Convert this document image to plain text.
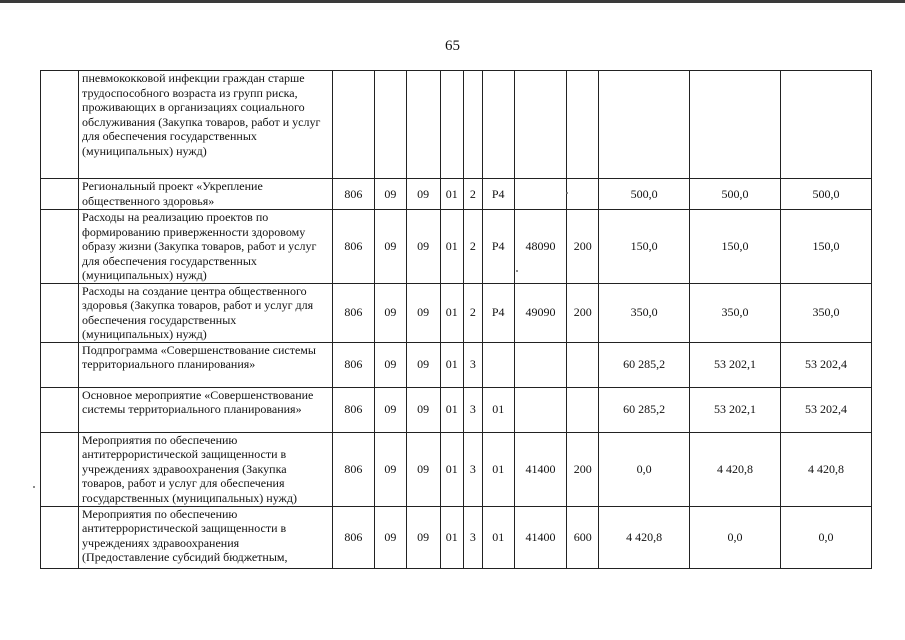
65
	пневмококковой инфекции граждан старше трудоспособного возраста из групп риска, проживающих в организациях социального обслуживания (Закупка товаров, работ и услуг для обеспечения государственных (муниципальных) нужд)											
	Региональный проект «Укрепление общественного здоровья»	806	09	09	01	2	P4			500,0	500,0	500,0
	Расходы на реализацию проектов по формированию приверженности здоровому образу жизни (Закупка товаров, работ и услуг для обеспечения государственных (муниципальных) нужд)	806	09	09	01	2	P4	48090	200	150,0	150,0	150,0
	Расходы на создание центра общественного здоровья (Закупка товаров, работ и услуг для обеспечения государственных (муниципальных) нужд)	806	09	09	01	2	P4	49090	200	350,0	350,0	350,0
	Подпрограмма «Совершенствование системы территориального планирования»	806	09	09	01	3				60 285,2	53 202,1	53 202,4
	Основное мероприятие «Совершенствование системы территориального планирования»	806	09	09	01	3	01			60 285,2	53 202,1	53 202,4
	Мероприятия по обеспечению антитеррористической защищенности в учреждениях здравоохранения (Закупка товаров, работ и услуг для обеспечения государственных (муниципальных) нужд)	806	09	09	01	3	01	41400	200	0,0	4 420,8	4 420,8
	Мероприятия по обеспечению антитеррористической защищенности в учреждениях здравоохранения (Предоставление субсидий бюджетным,	806	09	09	01	3	01	41400	600	4 420,8	0,0	0,0
